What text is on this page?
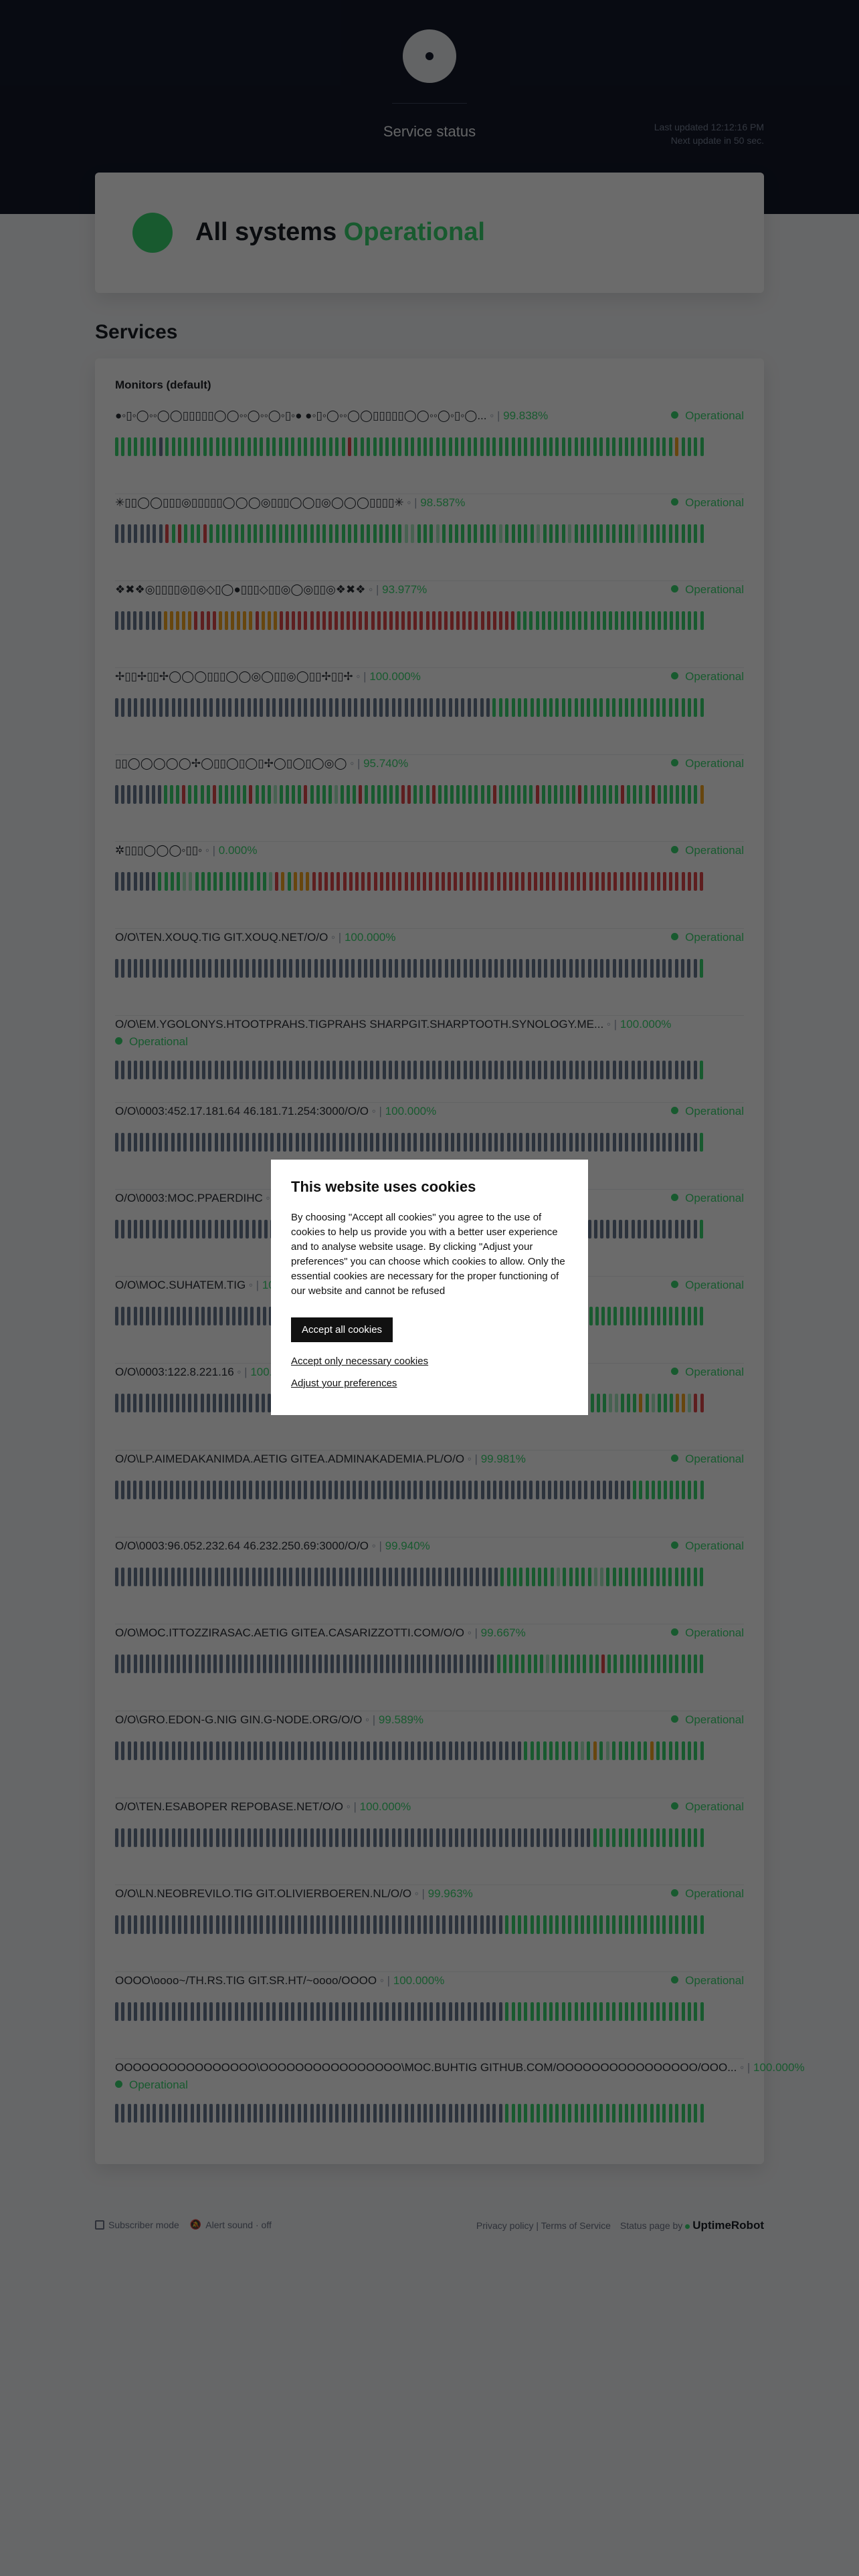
This website uses cookies

By choosing "Accept all cookies" you agree to the use of cookies to help us provide you with a better user experience and to analyse website usage. By clicking "Adjust your preferences" you can choose which cookies to allow. Only the essential cookies are necessary for the proper functioning of our website and cannot be refused

Accept all cookies
Accept only necessary cookies
Adjust your preferences
